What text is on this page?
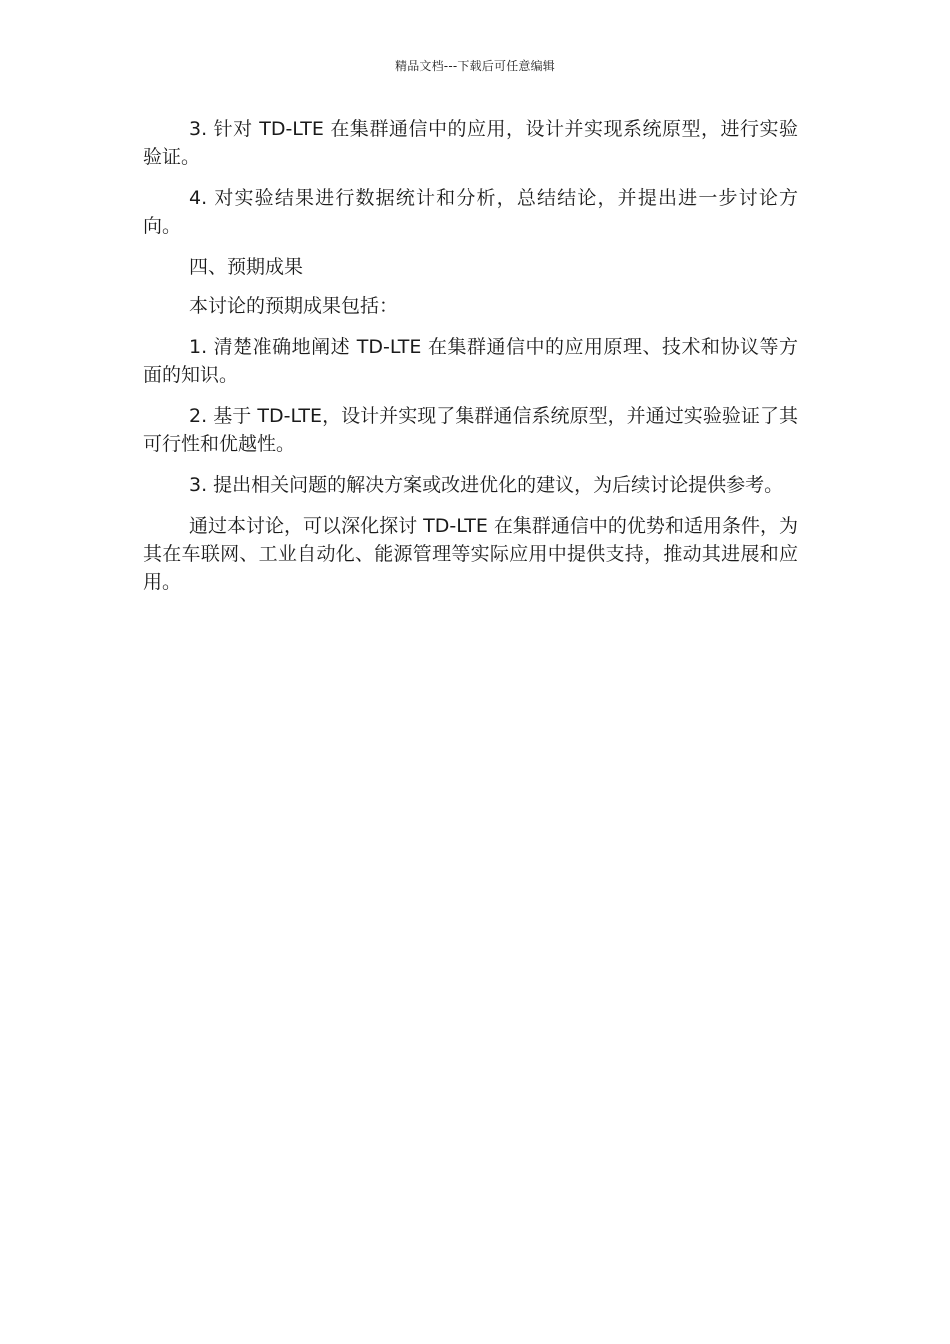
精品文档---下载后可任意编辑

3. 针对 TD-LTE 在集群通信中的应用，设计并实现系统原型，进行实验验证。

4. 对实验结果进行数据统计和分析，总结结论，并提出进一步讨论方向。

四、预期成果

本讨论的预期成果包括：

1. 清楚准确地阐述 TD-LTE 在集群通信中的应用原理、技术和协议等方面的知识。

2. 基于 TD-LTE，设计并实现了集群通信系统原型，并通过实验验证了其可行性和优越性。

3. 提出相关问题的解决方案或改进优化的建议，为后续讨论提供参考。

通过本讨论，可以深化探讨 TD-LTE 在集群通信中的优势和适用条件，为其在车联网、工业自动化、能源管理等实际应用中提供支持，推动其进展和应用。
